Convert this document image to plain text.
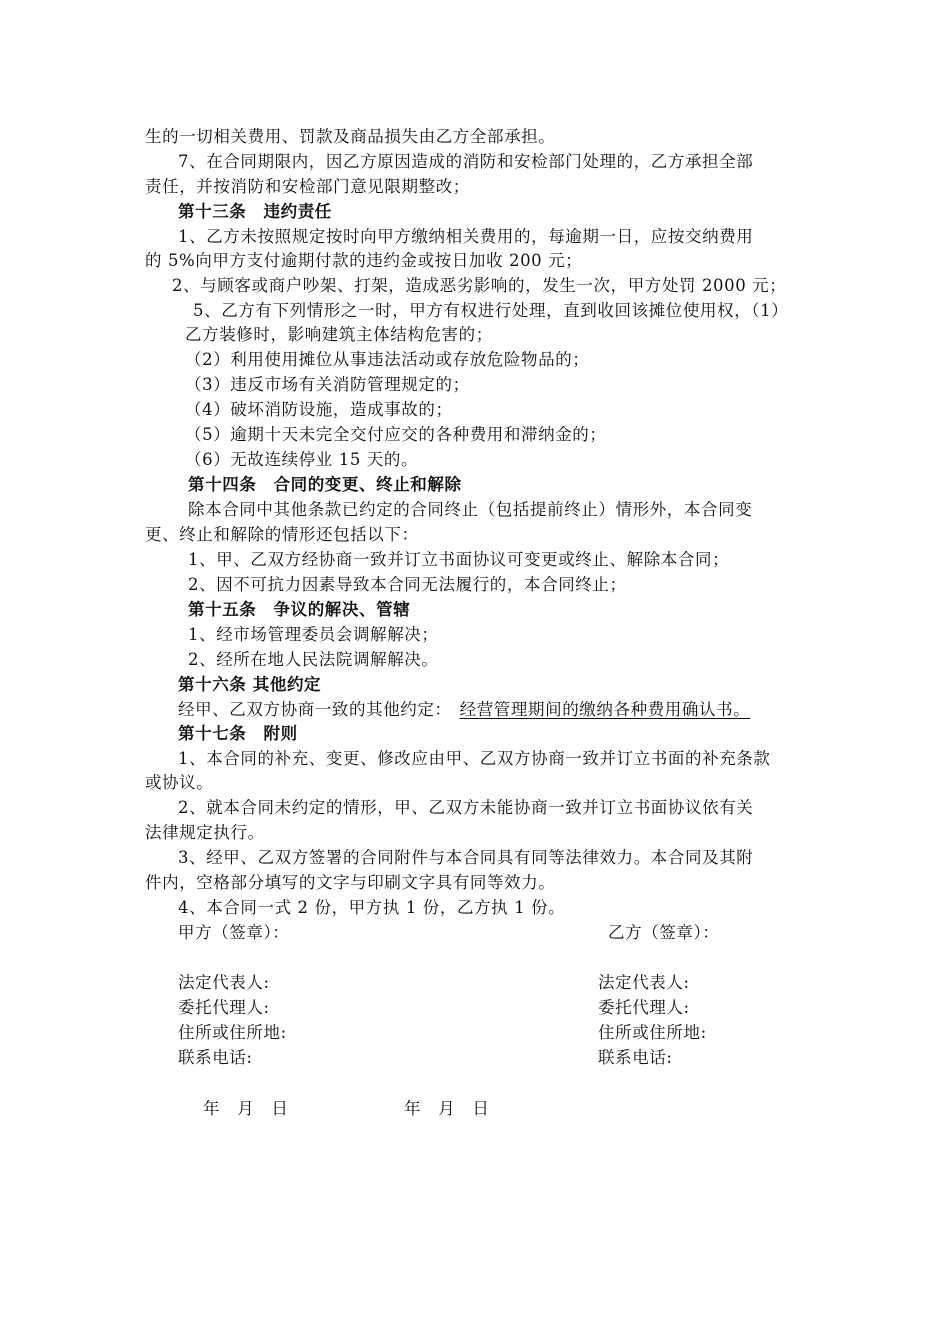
生的一切相关费用、罚款及商品损失由乙方全部承担。
7、在合同期限内，因乙方原因造成的消防和安检部门处理的，乙方承担全部
责任，并按消防和安检部门意见限期整改；
第十三条　违约责任
1、乙方未按照规定按时向甲方缴纳相关费用的，每逾期一日，应按交纳费用
的 5%向甲方支付逾期付款的违约金或按日加收 200 元；
2、与顾客或商户吵架、打架，造成恶劣影响的，发生一次，甲方处罚 2000 元；
5、乙方有下列情形之一时，甲方有权进行处理，直到收回该摊位使用权，（1）
乙方装修时，影响建筑主体结构危害的；
（2）利用使用摊位从事违法活动或存放危险物品的；
（3）违反市场有关消防管理规定的；
（4）破坏消防设施，造成事故的；
（5）逾期十天未完全交付应交的各种费用和滞纳金的；
（6）无故连续停业 15 天的。
第十四条　合同的变更、终止和解除
除本合同中其他条款已约定的合同终止（包括提前终止）情形外，本合同变
更、终止和解除的情形还包括以下：
1、甲、乙双方经协商一致并订立书面协议可变更或终止、解除本合同；
2、因不可抗力因素导致本合同无法履行的，本合同终止；
第十五条　争议的解决、管辖
1、经市场管理委员会调解解决；
2、经所在地人民法院调解解决。
第十六条 其他约定
经甲、乙双方协商一致的其他约定： 经营管理期间的缴纳各种费用确认书。
第十七条　附则
1、本合同的补充、变更、修改应由甲、乙双方协商一致并订立书面的补充条款
或协议。
2、就本合同未约定的情形，甲、乙双方未能协商一致并订立书面协议依有关
法律规定执行。
3、经甲、乙双方签署的合同附件与本合同具有同等法律效力。本合同及其附
件内，空格部分填写的文字与印刷文字具有同等效力。
4、本合同一式 2 份，甲方执 1 份，乙方执 1 份。
甲方（签章）：	乙方（签章）：
法定代表人:	法定代表人:
委托代理人:	委托代理人:
住所或住所地:	住所或住所地:
联系电话:	联系电话:
年　月　日	年　月　日
